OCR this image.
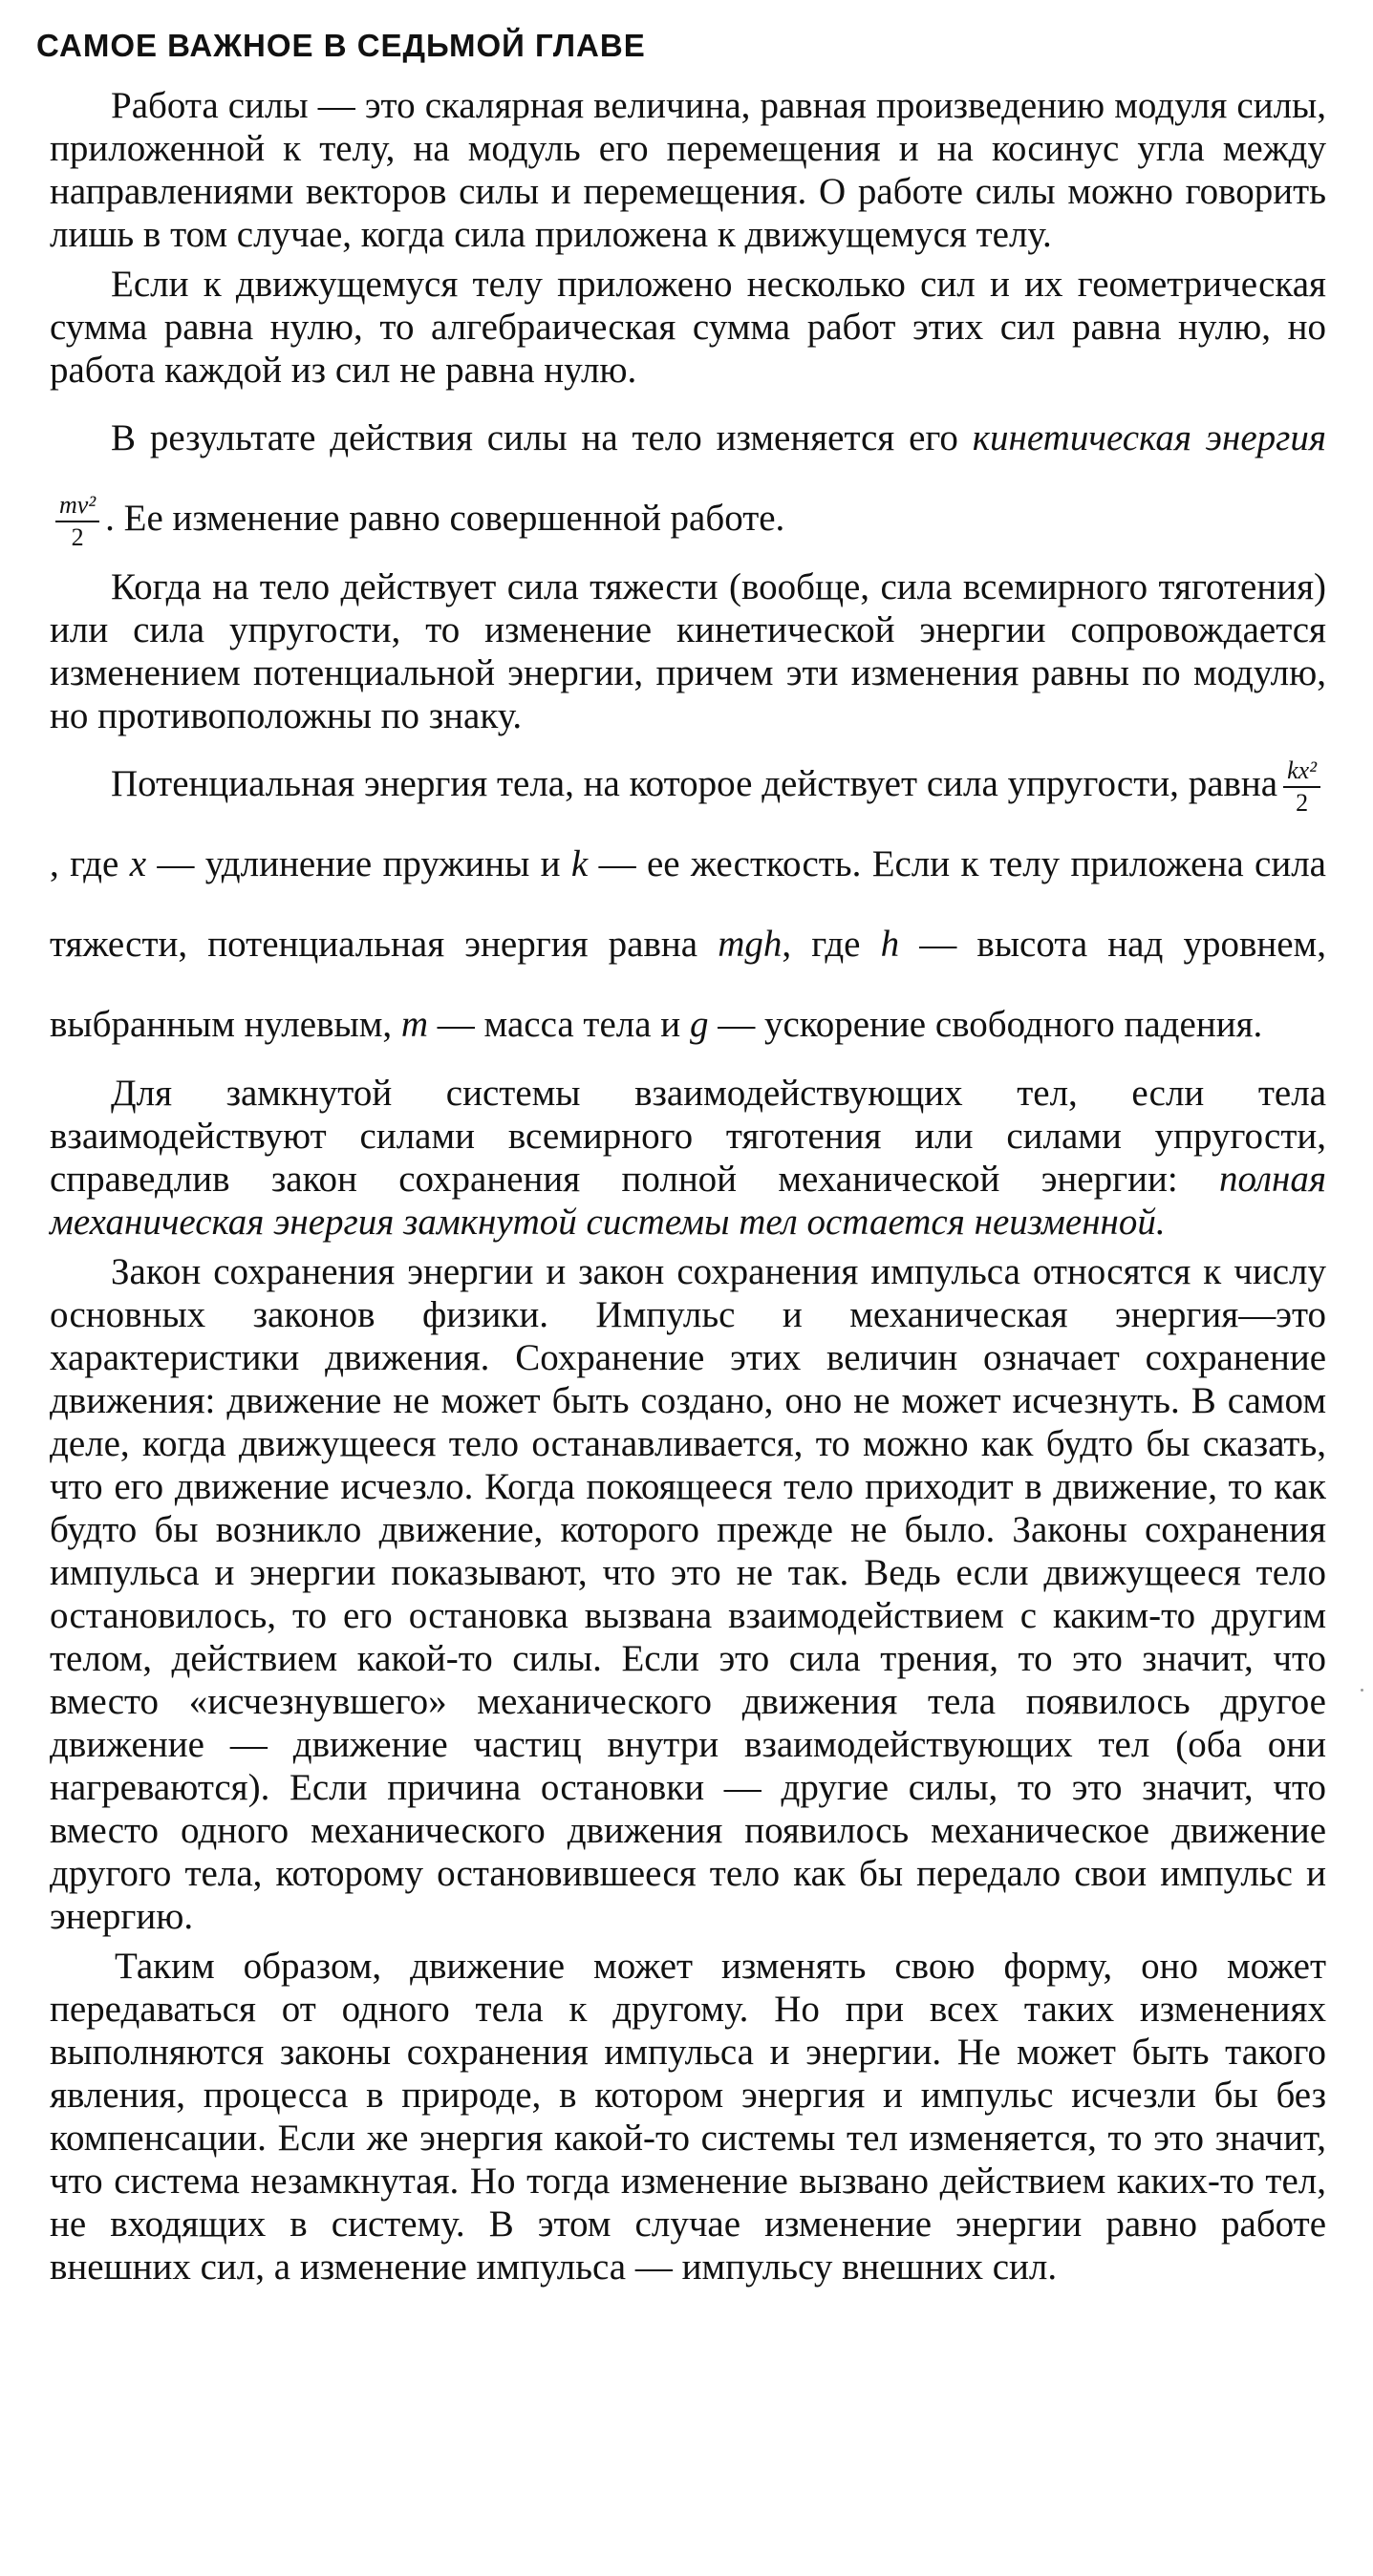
САМОЕ ВАЖНОЕ В СЕДЬМОЙ ГЛАВЕ

Работа силы — это скалярная величина, равная произведению модуля силы, приложенной к телу, на модуль его перемещения и на косинус угла между направлениями векторов силы и перемещения. О работе силы можно говорить лишь в том случае, когда сила приложена к движущемуся телу.

Если к движущемуся телу приложено несколько сил и их геометрическая сумма равна нулю, то алгебраическая сумма работ этих сил равна нулю, но работа каждой из сил не равна нулю.

В результате действия силы на тело изменяется его кинетическая энергия
$\frac{\text{mv²}}{2}$ . Ее изменение равно совершенной работе.

Когда на тело действует сила тяжести (вообще, сила всемирного тяготения) или сила упругости, то изменение кинетической энергии сопровождается изменением потенциальной энергии, причем эти изменения равны по модулю, но противоположны по знаку.

Потенциальная энергия тела, на которое действует сила упругости, равна $\frac{\text{kx²}}{2}$
, где x — удлинение пружины и k — ее жесткость. Если к телу приложена сила тяжести, потенциальная энергия равна mgh, где h — высота над уровнем, выбранным нулевым, m — масса тела и g — ускорение свободного падения.

Для замкнутой системы взаимодействующих тел, если тела взаимодействуют силами всемирного тяготения или силами упругости, справедлив закон сохранения полной механической энергии: полная механическая энергия замкнутой системы тел остается неизменной.

Закон сохранения энергии и закон сохранения импульса относятся к числу основных законов физики. Импульс и механическая энергия—это характеристики движения. Сохранение этих величин означает сохранение движения: движение не может быть создано, оно не может исчезнуть. В самом деле, когда движущееся тело останавливается, то можно как будто бы сказать, что его движение исчезло. Когда покоящееся тело приходит в движение, то как будто бы возникло движение, которого прежде не было. Законы сохранения импульса и энергии показывают, что это не так. Ведь если движущееся тело остановилось, то его остановка вызвана взаимодействием с каким-то другим телом, действием какой-то силы. Если это сила трения, то это значит, что вместо «исчезнувшего» механического движения тела появилось другое движение — движение частиц внутри взаимодействующих тел (оба они нагреваются). Если причина остановки — другие силы, то это значит, что вместо одного механического движения появилось механическое движение другого тела, которому остановившееся тело как бы передало свои импульс и энергию.

Таким образом, движение может изменять свою форму, оно может передаваться от одного тела к другому. Но при всех таких изменениях выполняются законы сохранения импульса и энергии. Не может быть такого явления, процесса в природе, в котором энергия и импульс исчезли бы без компенсации. Если же энергия какой-то системы тел изменяется, то это значит, что система незамкнутая. Но тогда изменение вызвано действием каких-то тел, не входящих в систему. В этом случае изменение энергии равно работе внешних сил, а изменение импульса — импульсу внешних сил.
